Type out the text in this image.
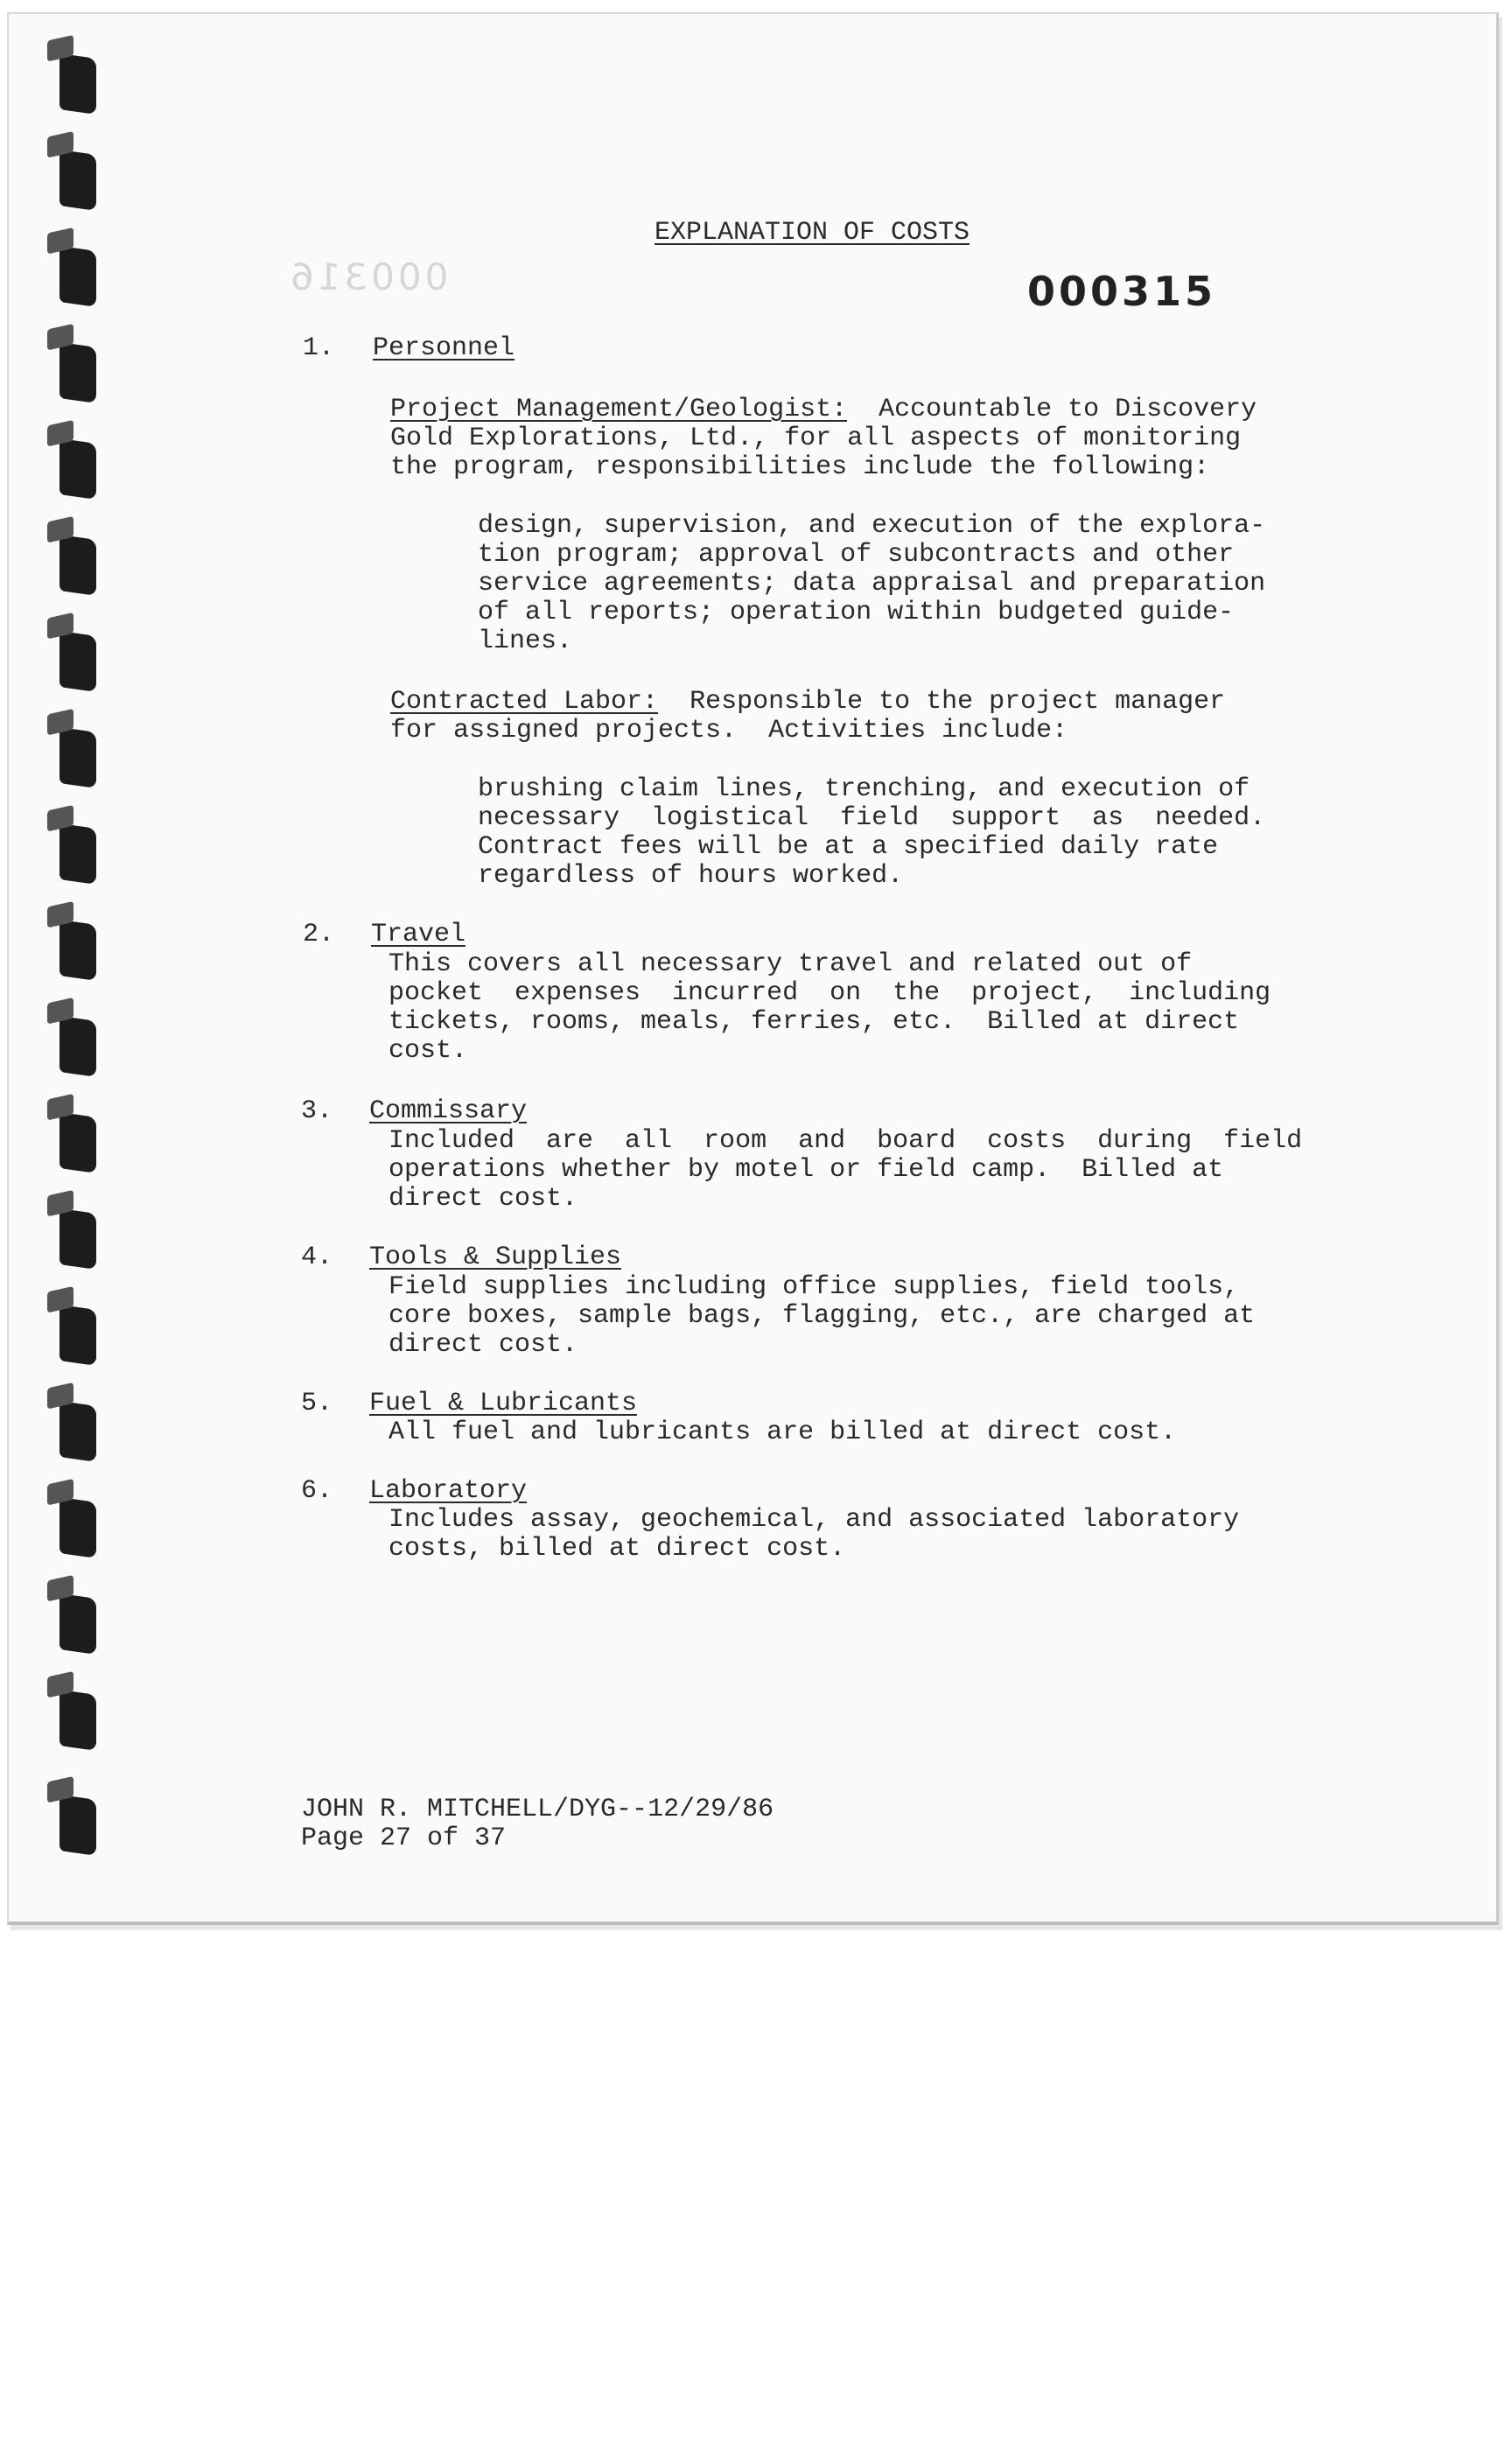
EXPLANATION OF COSTS
000316	000315
1. Personnel
Project Management/Geologist:  Accountable to Discovery
Gold Explorations, Ltd., for all aspects of monitoring
the program, responsibilities include the following:
design, supervision, and execution of the explora-
tion program; approval of subcontracts and other
service agreements; data appraisal and preparation
of all reports; operation within budgeted guide-
lines.
Contracted Labor:  Responsible to the project manager
for assigned projects.  Activities include:
brushing claim lines, trenching, and execution of
necessary  logistical  field  support  as  needed.
Contract fees will be at a specified daily rate
regardless of hours worked.
2. Travel
This covers all necessary travel and related out of
pocket  expenses  incurred  on  the  project,  including
tickets, rooms, meals, ferries, etc.  Billed at direct
cost.
3. Commissary
Included  are  all  room  and  board  costs  during  field
operations whether by motel or field camp.  Billed at
direct cost.
4. Tools & Supplies
Field supplies including office supplies, field tools,
core boxes, sample bags, flagging, etc., are charged at
direct cost.
5. Fuel & Lubricants
All fuel and lubricants are billed at direct cost.
6. Laboratory
Includes assay, geochemical, and associated laboratory
costs, billed at direct cost.
JOHN R. MITCHELL/DYG--12/29/86
Page 27 of 37
